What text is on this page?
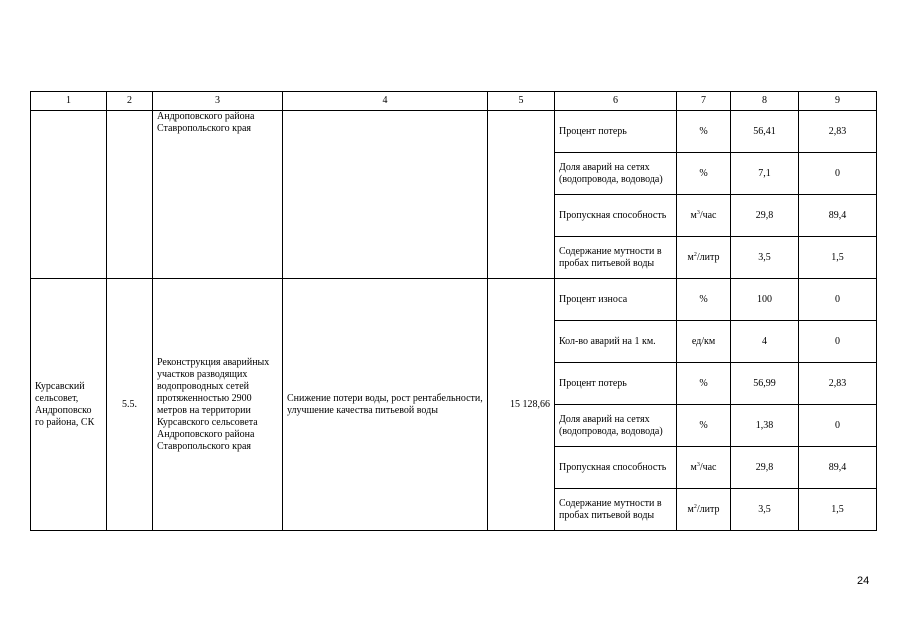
1	2	3	4	5	6	7	8	9
		Андроповского района Ставропольского края			Процент потерь	%	56,41	2,83
					Доля аварий на сетях (водопровода, водовода)	%	7,1	0
					Пропускная способность	$м^3$/час	29,8	89,4
					Содержание мутности в пробах питьевой воды	$м^2$/литр	3,5	1,5
Курсавский сельсовет, Андроповско го района, СК	5.5.	Реконструкция аварийных участков разводящих водопроводных сетей протяженностью 2900 метров на территории Курсавского сельсовета Андроповского района Ставропольского края	Снижение потери воды, рост рентабельности, улучшение качества питьевой воды	15 128,66	Процент износа	%	100	0
					Кол-во аварий на 1 км.	ед/км	4	0
					Процент потерь	%	56,99	2,83
					Доля аварий на сетях (водопровода, водовода)	%	1,38	0
					Пропускная способность	$м^3$/час	29,8	89,4
					Содержание мутности в пробах питьевой воды	$м^2$/литр	3,5	1,5
24
